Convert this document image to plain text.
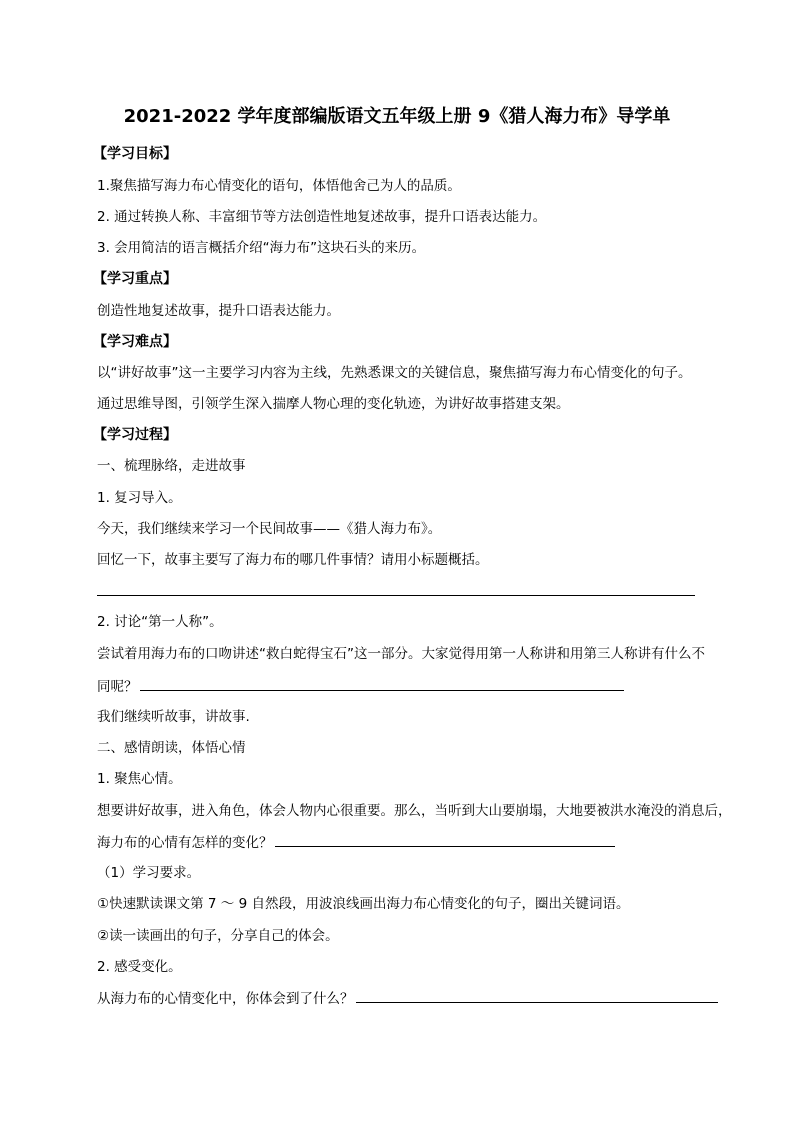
2021-2022 学年度部编版语文五年级上册 9《猎人海力布》导学单
【学习目标】
1.聚焦描写海力布心情变化的语句，体悟他舍己为人的品质。
2. 通过转换人称、丰富细节等方法创造性地复述故事，提升口语表达能力。
3. 会用简洁的语言概括介绍“海力布”这块石头的来历。
【学习重点】
创造性地复述故事，提升口语表达能力。
【学习难点】
以“讲好故事”这一主要学习内容为主线，先熟悉课文的关键信息，聚焦描写海力布心情变化的句子。
通过思维导图，引领学生深入揣摩人物心理的变化轨迹，为讲好故事搭建支架。
【学习过程】
一、梳理脉络，走进故事
1. 复习导入。
今天，我们继续来学习一个民间故事——《猎人海力布》。
回忆一下，故事主要写了海力布的哪几件事情？请用小标题概括。
2. 讨论“第一人称”。
尝试着用海力布的口吻讲述“救白蛇得宝石”这一部分。大家觉得用第一人称讲和用第三人称讲有什么不
同呢？
我们继续听故事，讲故事.
二、感情朗读，体悟心情
1. 聚焦心情。
想要讲好故事，进入角色，体会人物内心很重要。那么，当听到大山要崩塌，大地要被洪水淹没的消息后，
海力布的心情有怎样的变化？
（1）学习要求。
①快速默读课文第 7 ～ 9 自然段，用波浪线画出海力布心情变化的句子，圈出关键词语。
②读一读画出的句子，分享自己的体会。
2. 感受变化。
从海力布的心情变化中，你体会到了什么？
